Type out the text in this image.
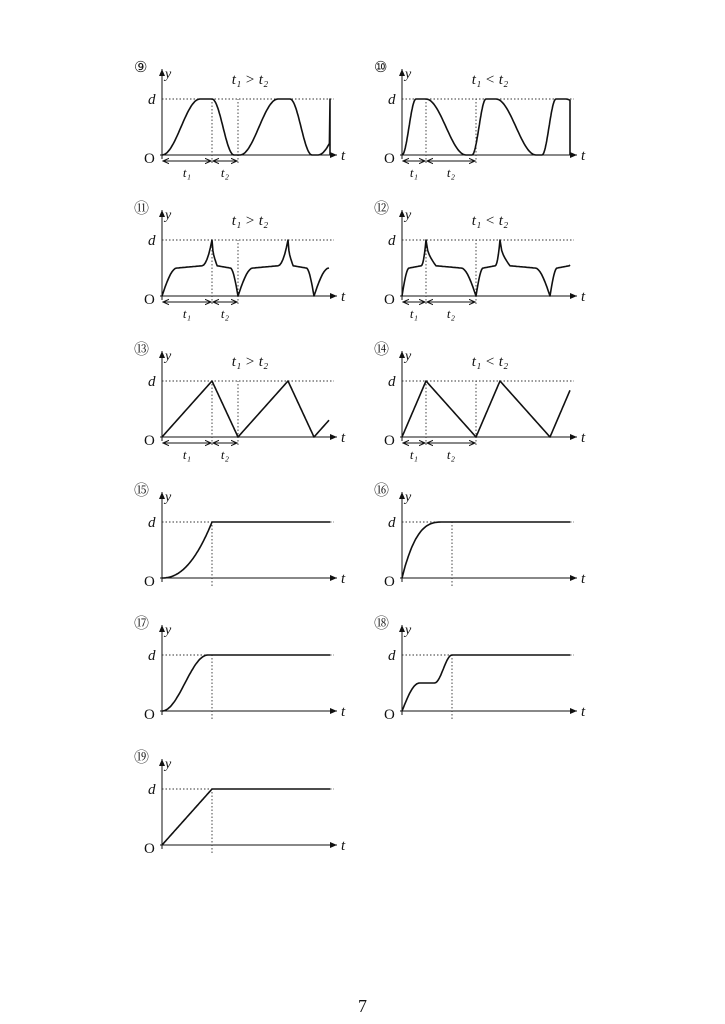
⑨ y
t
O
d
t₁ > t₂
t₁ t₂
⑩ y
t
O
d
t₁ < t₂
t₁ t₂
⑪ y
t
O
d
t₁ > t₂
t₁ t₂
⑫ y
t
O
d
t₁ < t₂
t₁ t₂
⑬ y
t
O
d
t₁ > t₂
t₁ t₂
⑭ y
t
O
d
t₁ < t₂
t₁ t₂
⑮ y
t
O
d
⑯ y
t
O
d
⑰ y
t
O
d
⑱ y
t
O
d
⑲ y
t
O
d
7
